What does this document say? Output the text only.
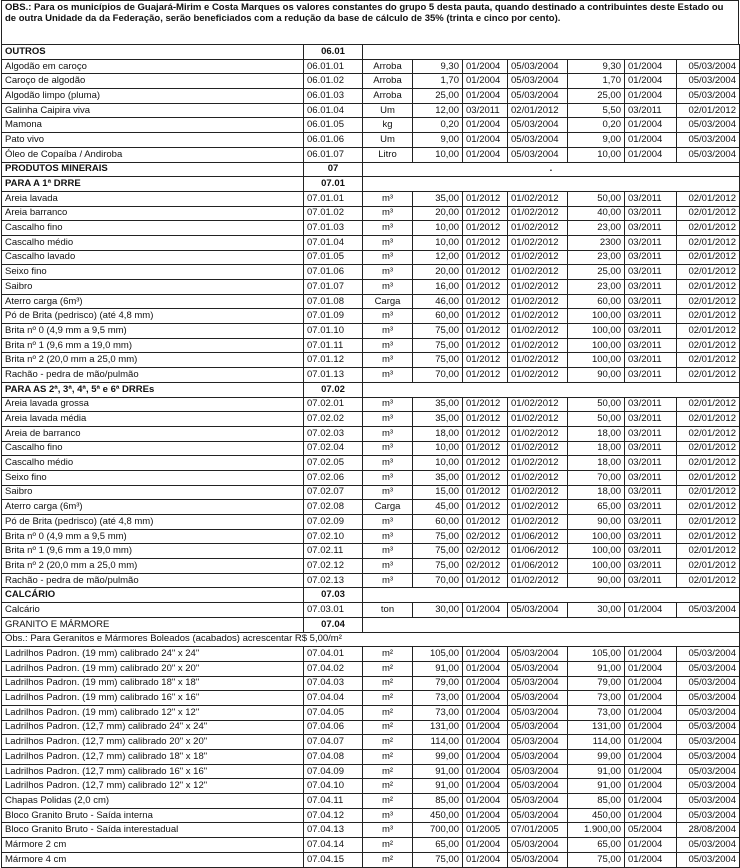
OBS.: Para os municípios de Guajará-Mirim e Costa Marques os valores constantes do grupo 5 desta pauta, quando destinado a contribuintes deste Estado ou de outra Unidade da da Federação, serão beneficiados com a redução da base de cálculo de 35% (trinta e cinco por cento).
OUTROS	06.01							
Algodão em caroço	06.01.01	Arroba	9,30	01/2004	05/03/2004	9,30	01/2004	05/03/2004
Caroço de algodão	06.01.02	Arroba	1,70	01/2004	05/03/2004	1,70	01/2004	05/03/2004
Algodão limpo (pluma)	06.01.03	Arroba	25,00	01/2004	05/03/2004	25,00	01/2004	05/03/2004
Galinha Caipira viva	06.01.04	Um	12,00	03/2011	02/01/2012	5,50	03/2011	02/01/2012
Mamona	06.01.05	kg	0,20	01/2004	05/03/2004	0,20	01/2004	05/03/2004
Pato vivo	06.01.06	Um	9,00	01/2004	05/03/2004	9,00	01/2004	05/03/2004
Óleo de Copaíba / Andiroba	06.01.07	Litro	10,00	01/2004	05/03/2004	10,00	01/2004	05/03/2004
PRODUTOS MINERAIS	07	.						
PARA A 1ª DRRE	07.01							
Areia lavada	07.01.01	m³	35,00	01/2012	01/02/2012	50,00	03/2011	02/01/2012
Areia barranco	07.01.02	m³	20,00	01/2012	01/02/2012	40,00	03/2011	02/01/2012
Cascalho fino	07.01.03	m³	10,00	01/2012	01/02/2012	23,00	03/2011	02/01/2012
Cascalho médio	07.01.04	m³	10,00	01/2012	01/02/2012	2300	03/2011	02/01/2012
Cascalho lavado	07.01.05	m³	12,00	01/2012	01/02/2012	23,00	03/2011	02/01/2012
Seixo fino	07.01.06	m³	20,00	01/2012	01/02/2012	25,00	03/2011	02/01/2012
Saibro	07.01.07	m³	16,00	01/2012	01/02/2012	23,00	03/2011	02/01/2012
Aterro carga (6m³)	07.01.08	Carga	46,00	01/2012	01/02/2012	60,00	03/2011	02/01/2012
Pó de Brita (pedrisco) (até 4,8 mm)	07.01.09	m³	60,00	01/2012	01/02/2012	100,00	03/2011	02/01/2012
Brita nº 0 (4,9 mm a 9,5 mm)	07.01.10	m³	75,00	01/2012	01/02/2012	100,00	03/2011	02/01/2012
Brita nº 1 (9,6 mm a 19,0 mm)	07.01.11	m³	75,00	01/2012	01/02/2012	100,00	03/2011	02/01/2012
Brita nº 2 (20,0 mm a 25,0 mm)	07.01.12	m³	75,00	01/2012	01/02/2012	100,00	03/2011	02/01/2012
Rachão - pedra de mão/pulmão	07.01.13	m³	70,00	01/2012	01/02/2012	90,00	03/2011	02/01/2012
PARA AS 2ª, 3ª, 4ª, 5ª e 6ª DRREs	07.02							
Areia lavada grossa	07.02.01	m³	35,00	01/2012	01/02/2012	50,00	03/2011	02/01/2012
Areia lavada média	07.02.02	m³	35,00	01/2012	01/02/2012	50,00	03/2011	02/01/2012
Areia de barranco	07.02.03	m³	18,00	01/2012	01/02/2012	18,00	03/2011	02/01/2012
Cascalho fino	07.02.04	m³	10,00	01/2012	01/02/2012	18,00	03/2011	02/01/2012
Cascalho médio	07.02.05	m³	10,00	01/2012	01/02/2012	18,00	03/2011	02/01/2012
Seixo fino	07.02.06	m³	35,00	01/2012	01/02/2012	70,00	03/2011	02/01/2012
Saibro	07.02.07	m³	15,00	01/2012	01/02/2012	18,00	03/2011	02/01/2012
Aterro carga (6m³)	07.02.08	Carga	45,00	01/2012	01/02/2012	65,00	03/2011	02/01/2012
Pó de Brita (pedrisco) (até 4,8 mm)	07.02.09	m³	60,00	01/2012	01/02/2012	90,00	03/2011	02/01/2012
Brita nº 0 (4,9 mm a 9,5 mm)	07.02.10	m³	75,00	02/2012	01/06/2012	100,00	03/2011	02/01/2012
Brita nº 1 (9,6 mm a 19,0 mm)	07.02.11	m³	75,00	02/2012	01/06/2012	100,00	03/2011	02/01/2012
Brita nº 2 (20,0 mm a 25,0 mm)	07.02.12	m³	75,00	02/2012	01/06/2012	100,00	03/2011	02/01/2012
Rachão - pedra de mão/pulmão	07.02.13	m³	70,00	01/2012	01/02/2012	90,00	03/2011	02/01/2012
CALCÁRIO	07.03							
Calcário	07.03.01	ton	30,00	01/2004	05/03/2004	30,00	01/2004	05/03/2004
GRANITO E MÁRMORE	07.04							
Obs.: Para Geranitos e Mármores Boleados (acabados) acrescentar R$ 5,00/m²								
Ladrilhos Padron. (19 mm) calibrado 24" x 24"	07.04.01	m²	105,00	01/2004	05/03/2004	105,00	01/2004	05/03/2004
Ladrilhos Padron. (19 mm) calibrado 20" x 20"	07.04.02	m²	91,00	01/2004	05/03/2004	91,00	01/2004	05/03/2004
Ladrilhos Padron. (19 mm) calibrado 18" x 18"	07.04.03	m²	79,00	01/2004	05/03/2004	79,00	01/2004	05/03/2004
Ladrilhos Padron. (19 mm) calibrado 16" x 16"	07.04.04	m²	73,00	01/2004	05/03/2004	73,00	01/2004	05/03/2004
Ladrilhos Padron. (19 mm) calibrado 12" x 12"	07.04.05	m²	73,00	01/2004	05/03/2004	73,00	01/2004	05/03/2004
Ladrilhos Padron. (12,7 mm) calibrado 24" x 24"	07.04.06	m²	131,00	01/2004	05/03/2004	131,00	01/2004	05/03/2004
Ladrilhos Padron. (12,7 mm) calibrado 20" x 20"	07.04.07	m²	114,00	01/2004	05/03/2004	114,00	01/2004	05/03/2004
Ladrilhos Padron. (12,7 mm) calibrado 18" x 18"	07.04.08	m²	99,00	01/2004	05/03/2004	99,00	01/2004	05/03/2004
Ladrilhos Padron. (12,7 mm) calibrado 16" x 16"	07.04.09	m²	91,00	01/2004	05/03/2004	91,00	01/2004	05/03/2004
Ladrilhos Padron. (12,7 mm) calibrado 12" x 12"	07.04.10	m²	91,00	01/2004	05/03/2004	91,00	01/2004	05/03/2004
Chapas Polidas (2,0 cm)	07.04.11	m²	85,00	01/2004	05/03/2004	85,00	01/2004	05/03/2004
Bloco Granito Bruto - Saída interna	07.04.12	m³	450,00	01/2004	05/03/2004	450,00	01/2004	05/03/2004
Bloco Granito Bruto - Saída interestadual	07.04.13	m³	700,00	01/2005	07/01/2005	1.900,00	05/2004	28/08/2004
Mármore 2 cm	07.04.14	m²	65,00	01/2004	05/03/2004	65,00	01/2004	05/03/2004
Mármore 4 cm	07.04.15	m²	75,00	01/2004	05/03/2004	75,00	01/2004	05/03/2004
